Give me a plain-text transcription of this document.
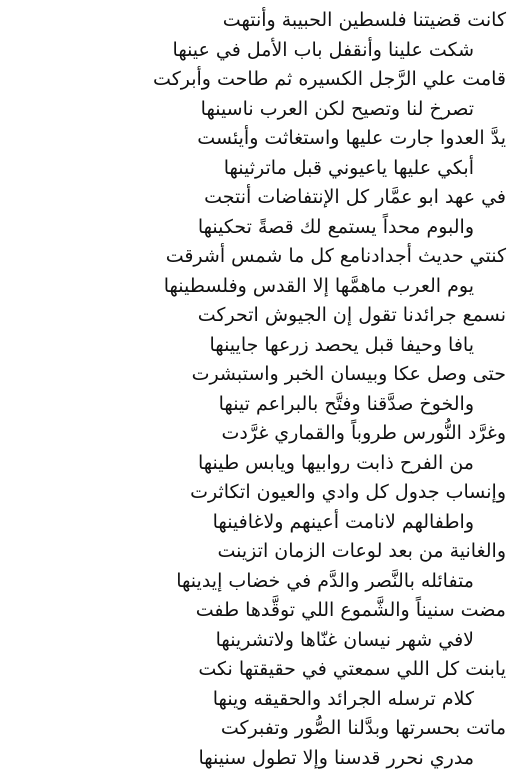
كانت قضيتنا فلسطين الحبيبة وأنتهت
شكت علينا وأنقفل باب الأمل في عينها
قامت علي الرَّجل الكسيره ثم طاحت وأبركت
تصرخ لنا وتصيح لكن العرب ناسينها
يدَّ العدوا جارت عليها واستغاثت وأيئست
أبكي عليها ياعيوني قبل ماترثينها
في عهد ابو عمَّار كل الإنتفاضات أنتجت
والبوم محداً يستمع لك قصةً تحكينها
كنتي حديث أجدادنامع كل ما شمس أشرقت
يوم العرب ماهمَّها إلا القدس وفلسطينها
نسمع جرائدنا تقول إن الجيوش اتحركت
يافا وحيفا قبل يحصد زرعها جايينها
حتى وصل عكا وبيسان الخبر واستبشرت
والخوخ صدَّقنا وفتَّح بالبراعم تينها
وغرَّد النُّورس طروباً والقماري غرَّدت
من الفرح ذابت روابيها ويابس طينها
وإنساب جدول كل وادي والعيون اتكاثرت
واطفالهم لانامت أعينهم ولاغافينها
والغانية من بعد لوعات الزمان اتزينت
متفائله بالنَّصر والدَّم في خضاب إيدينها
مضت سنيناً والشَّموع اللي توقَّدها طفت
لافي شهر نيسان غنّاها ولاتشرينها
يابنت كل اللي سمعتي في حقيقتها نكت
كلام ترسله الجرائد والحقيقه وينها
ماتت بحسرتها وبدَّلنا الصُّور وتفبركت
مدري نحرر قدسنا وإلا تطول سنينها
